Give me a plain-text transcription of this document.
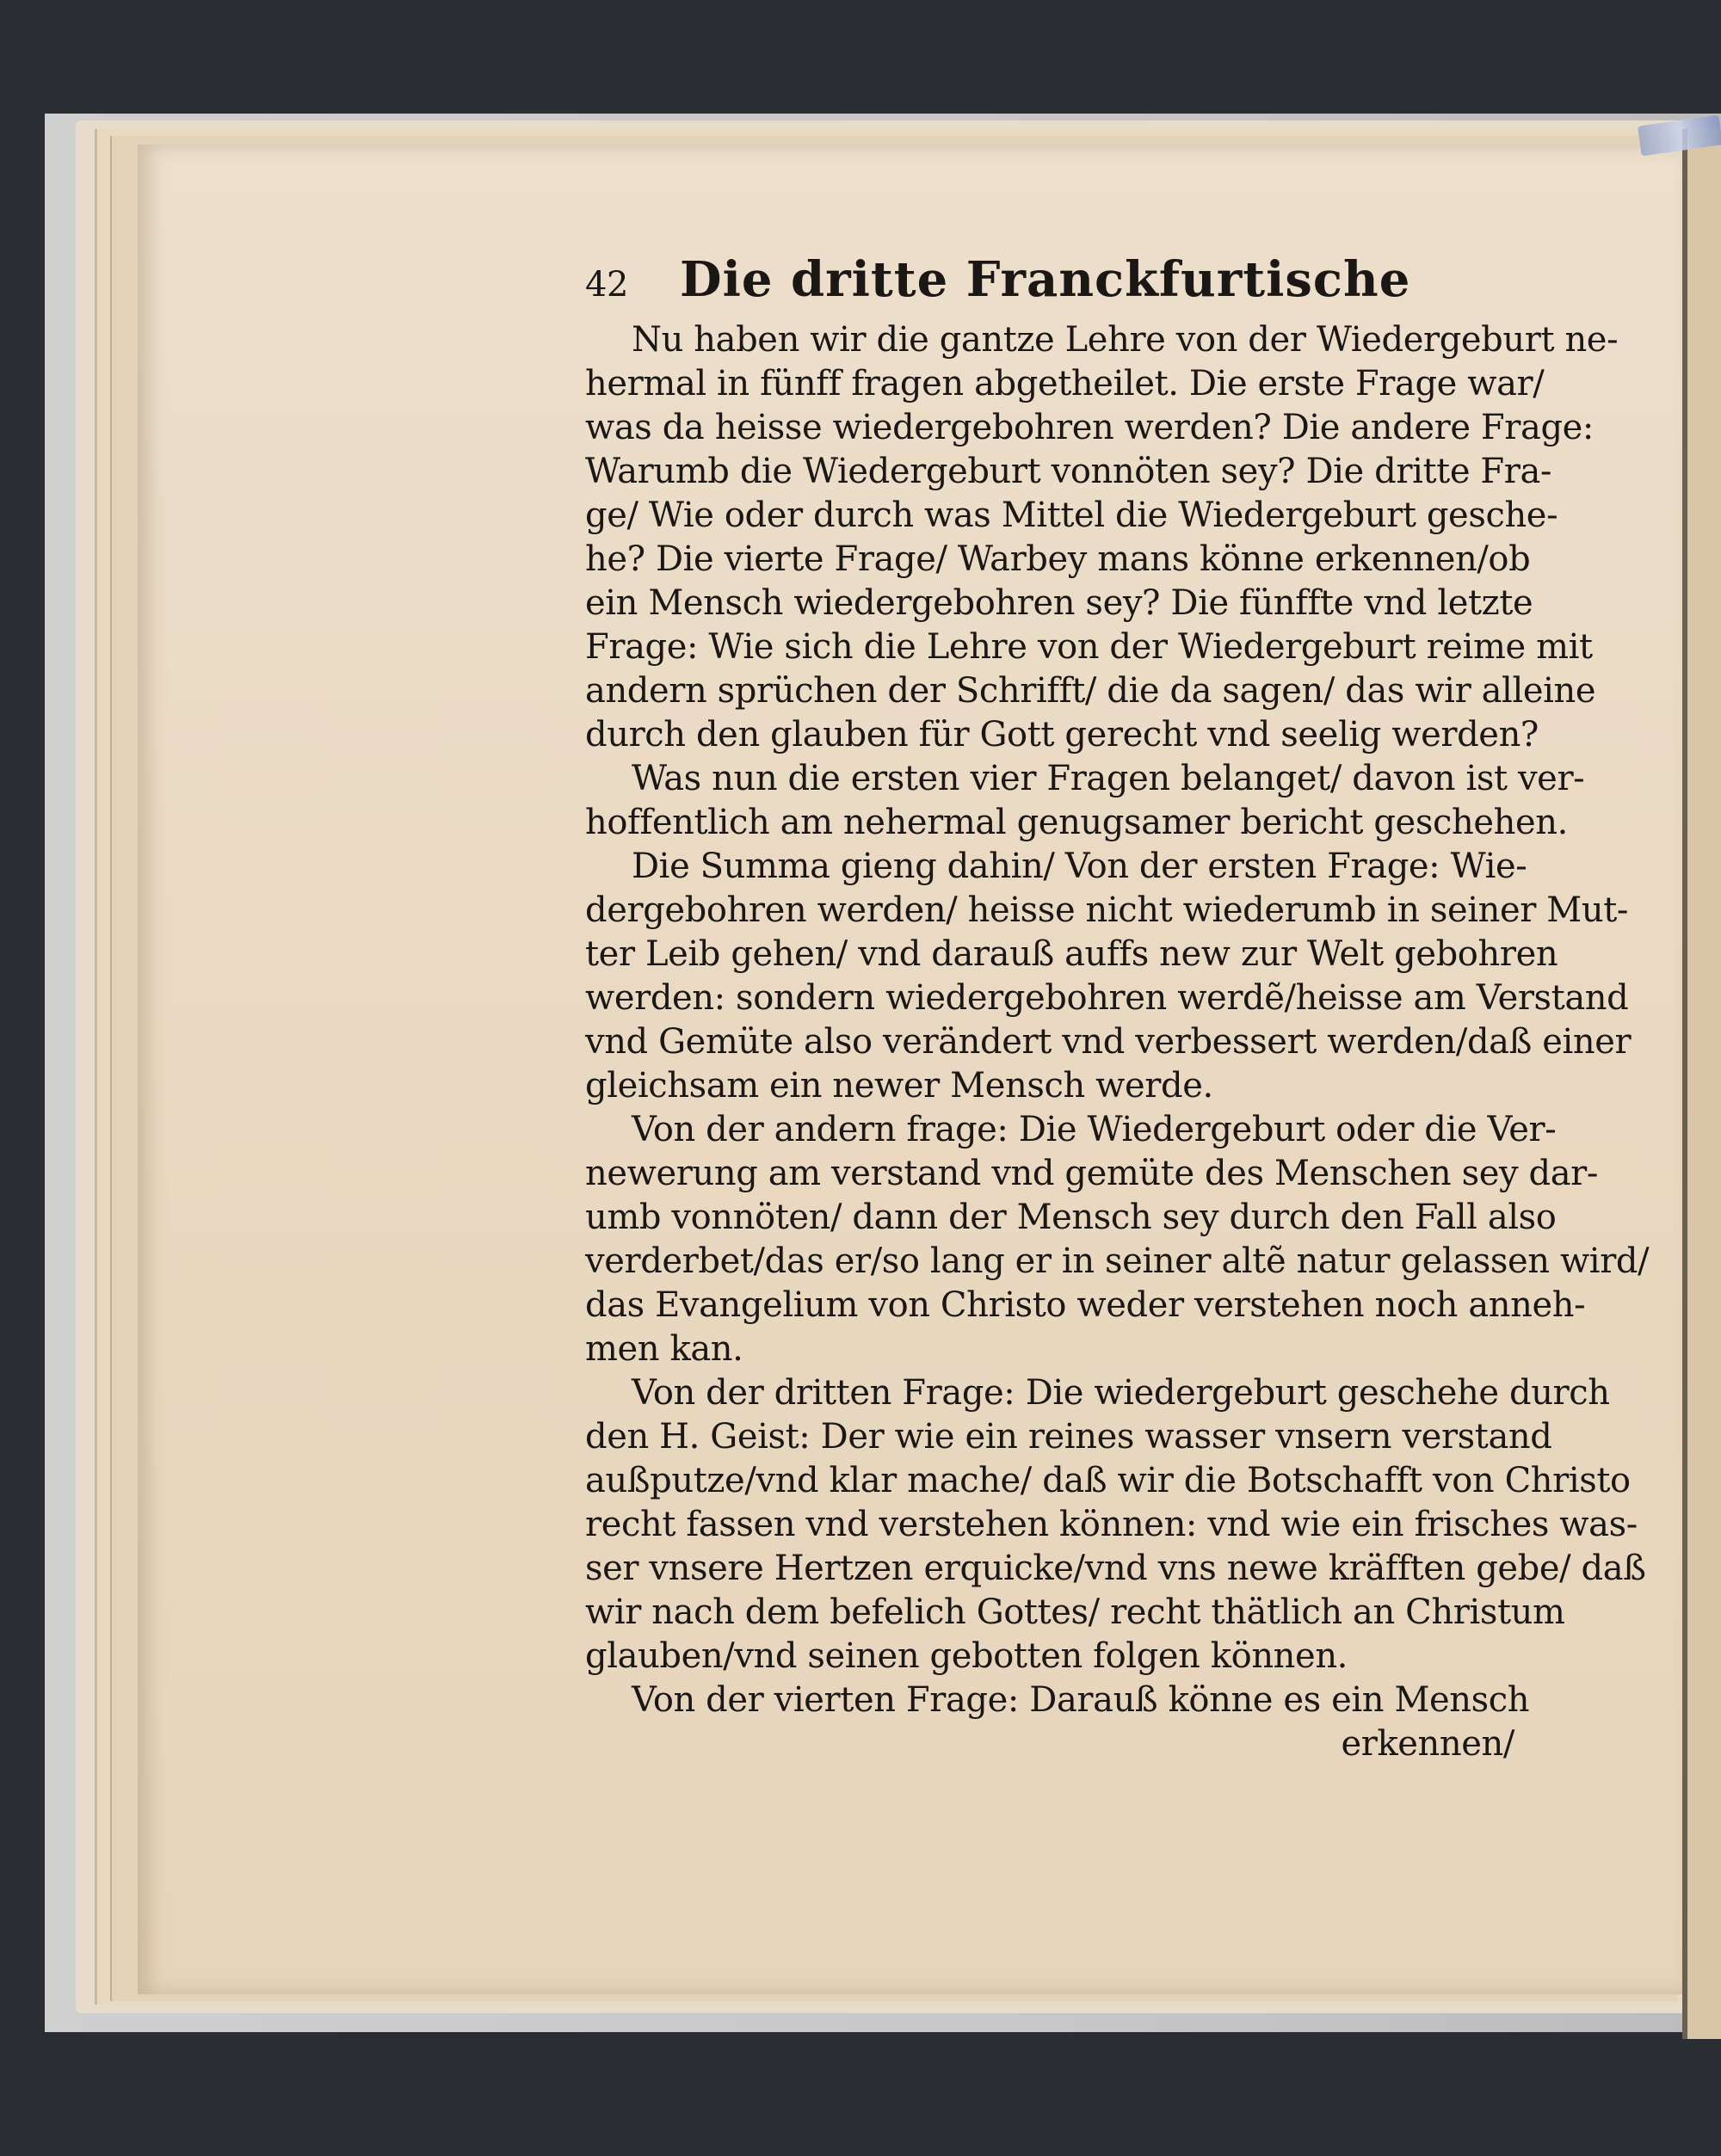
42	Die dritte Franckfurtische
Nu haben wir die gantze Lehre von der Wiedergeburt ne-
hermal in fünff fragen abgetheilet. Die erste Frage war/
was da heisse wiedergebohren werden? Die andere Frage:
Warumb die Wiedergeburt vonnöten sey? Die dritte Fra-
ge/ Wie oder durch was Mittel die Wiedergeburt gesche-
he? Die vierte Frage/ Warbey mans könne erkennen/ob
ein Mensch wiedergebohren sey? Die fünffte vnd letzte
Frage: Wie sich die Lehre von der Wiedergeburt reime mit
andern sprüchen der Schrifft/ die da sagen/ das wir alleine
durch den glauben für Gott gerecht vnd seelig werden?
Was nun die ersten vier Fragen belanget/ davon ist ver-
hoffentlich am nehermal genugsamer bericht geschehen.
Die Summa gieng dahin/ Von der ersten Frage: Wie-
dergebohren werden/ heisse nicht wiederumb in seiner Mut-
ter Leib gehen/ vnd darauß auffs new zur Welt gebohren
werden: sondern wiedergebohren werdẽ/heisse am Verstand
vnd Gemüte also verändert vnd verbessert werden/daß einer
gleichsam ein newer Mensch werde.
Von der andern frage: Die Wiedergeburt oder die Ver-
newerung am verstand vnd gemüte des Menschen sey dar-
umb vonnöten/ dann der Mensch sey durch den Fall also
verderbet/das er/so lang er in seiner altẽ natur gelassen wird/
das Evangelium von Christo weder verstehen noch anneh-
men kan.
Von der dritten Frage: Die wiedergeburt geschehe durch
den H. Geist: Der wie ein reines wasser vnsern verstand
außputze/vnd klar mache/ daß wir die Botschafft von Christo
recht fassen vnd verstehen können: vnd wie ein frisches was-
ser vnsere Hertzen erquicke/vnd vns newe kräfften gebe/ daß
wir nach dem befelich Gottes/ recht thätlich an Christum
glauben/vnd seinen gebotten folgen können.
Von der vierten Frage: Darauß könne es ein Mensch
erkennen/
